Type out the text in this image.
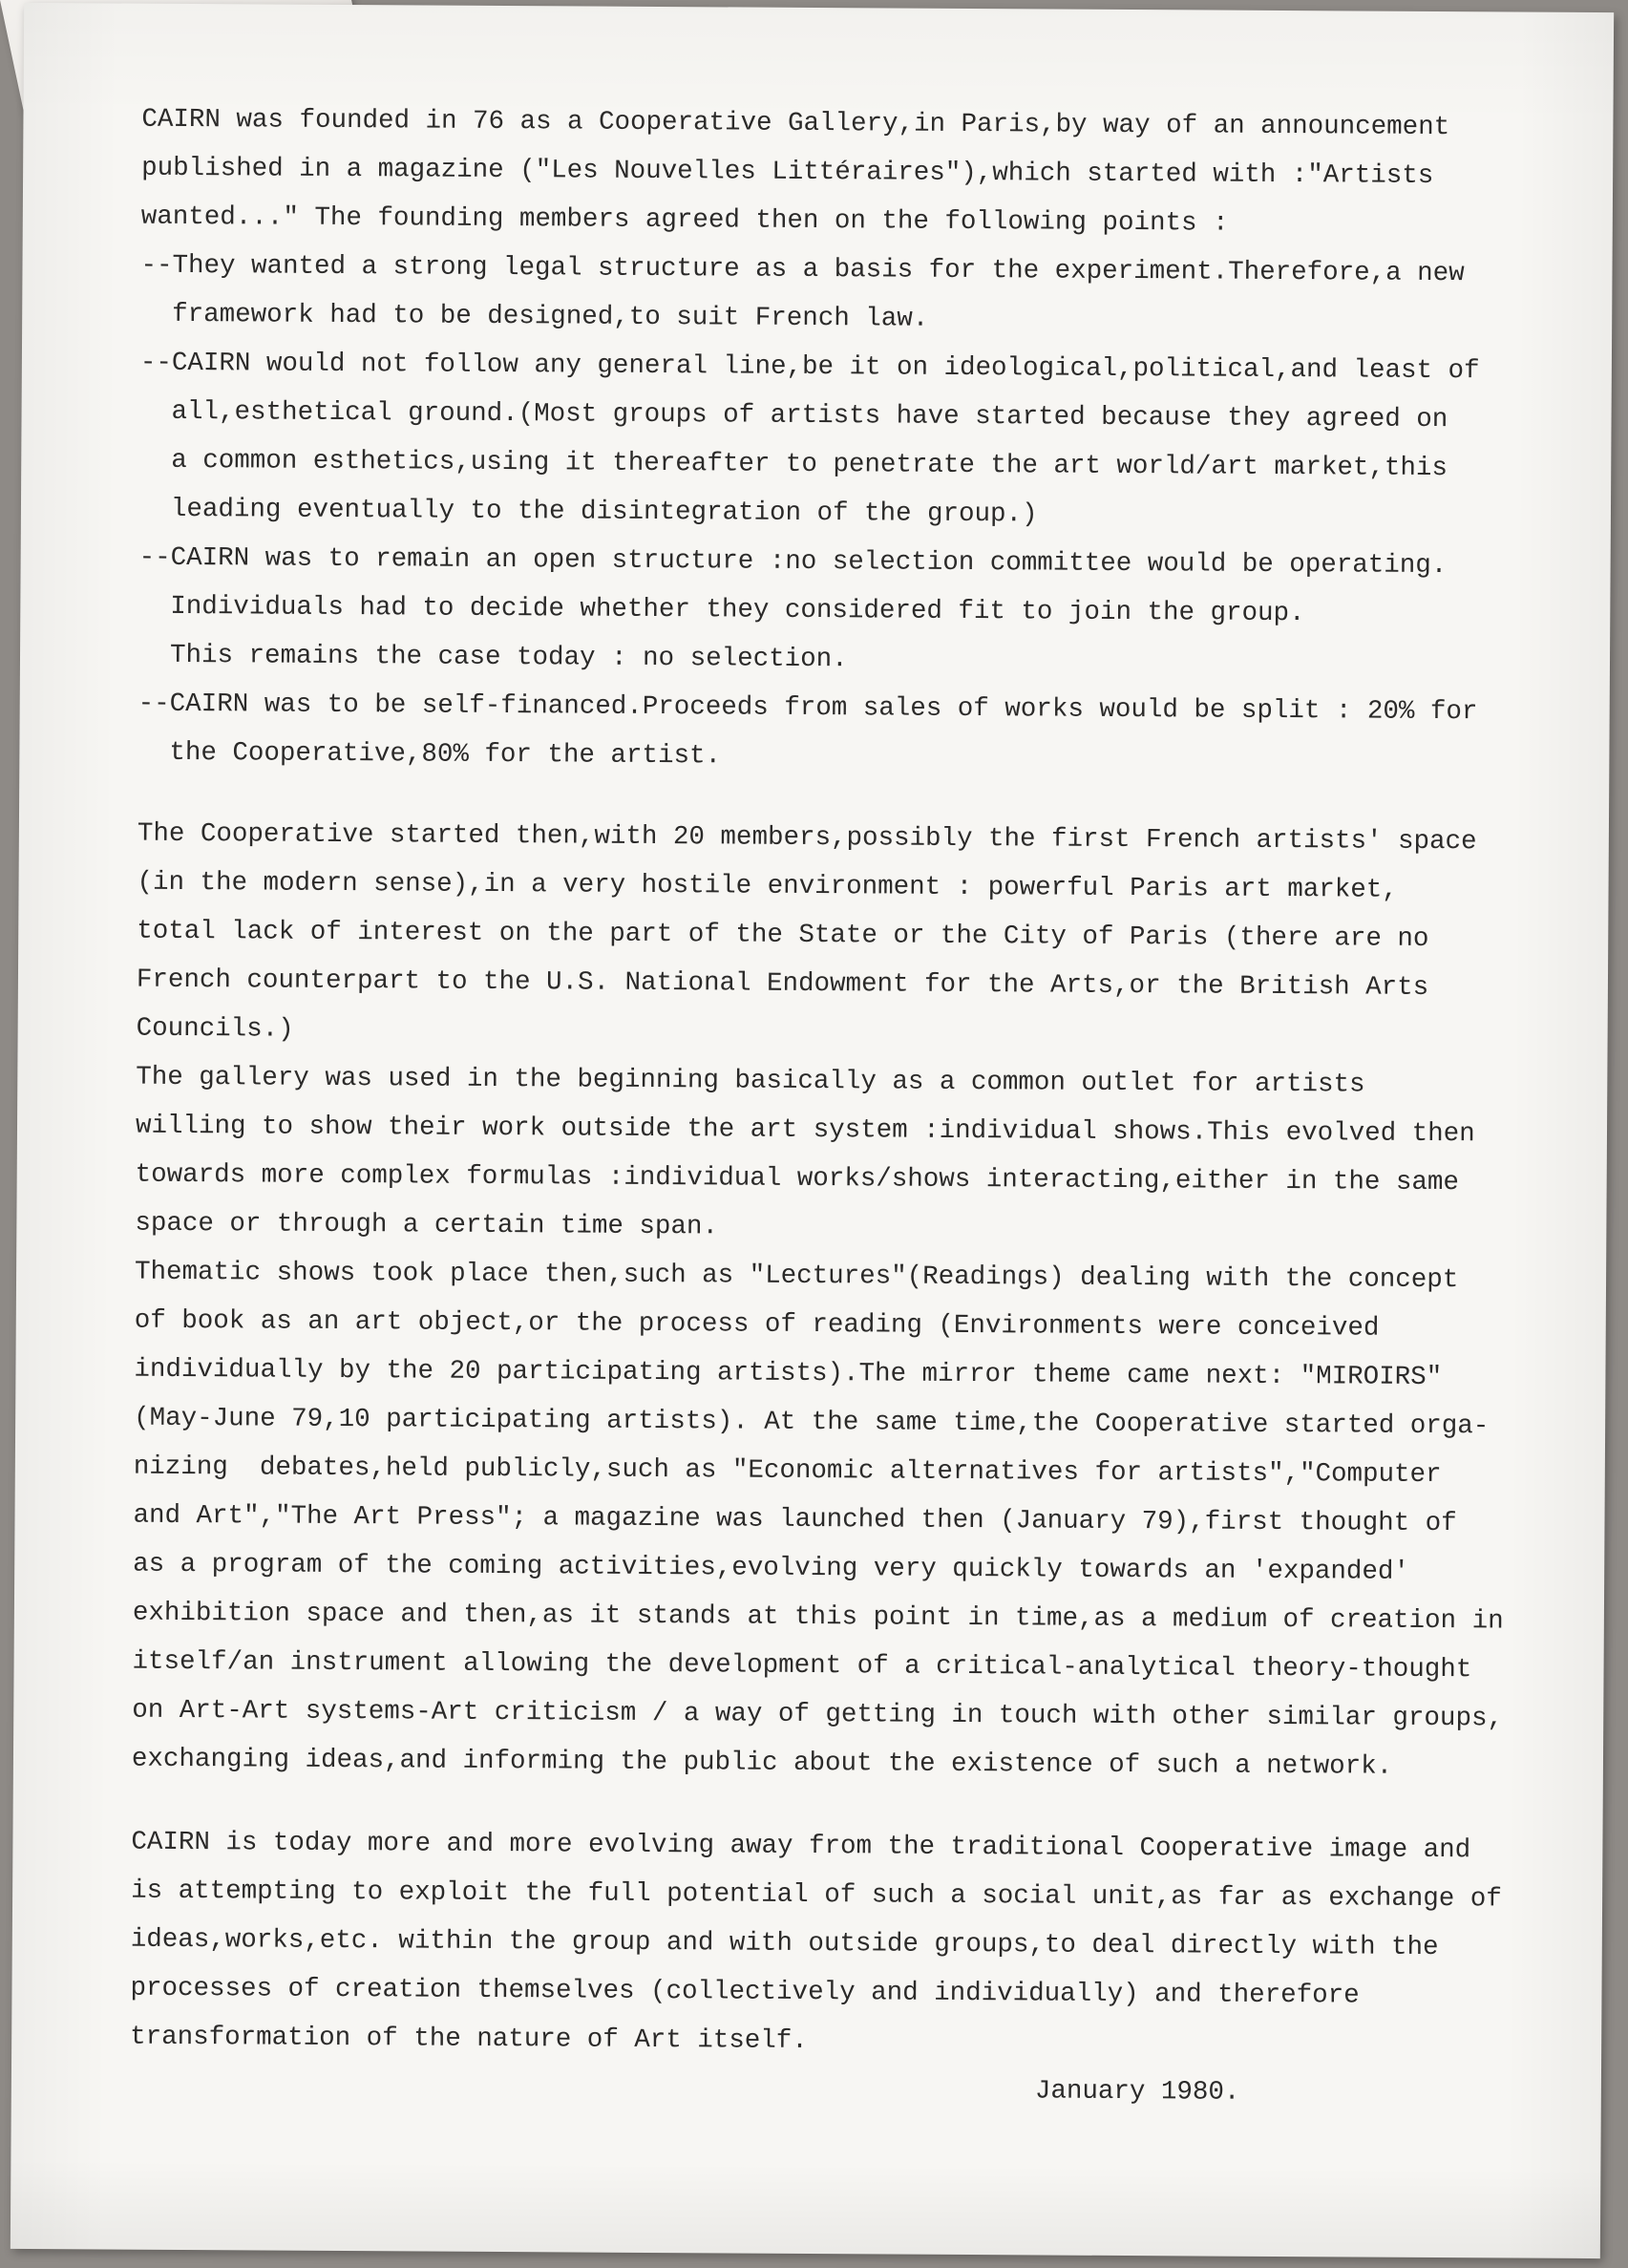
CAIRN was founded in 76 as a Cooperative Gallery,in Paris,by way of an announcement
published in a magazine ("Les Nouvelles Littéraires"),which started with :"Artists
wanted..." The founding members agreed then on the following points :
--They wanted a strong legal structure as a basis for the experiment.Therefore,a new
framework had to be designed,to suit French law.
--CAIRN would not follow any general line,be it on ideological,political,and least of
all,esthetical ground.(Most groups of artists have started because they agreed on
a common esthetics,using it thereafter to penetrate the art world/art market,this
leading eventually to the disintegration of the group.)
--CAIRN was to remain an open structure :no selection committee would be operating.
Individuals had to decide whether they considered fit to join the group.
This remains the case today : no selection.
--CAIRN was to be self-financed.Proceeds from sales of works would be split : 20% for
the Cooperative,80% for the artist.
The Cooperative started then,with 20 members,possibly the first French artists' space
(in the modern sense),in a very hostile environment : powerful Paris art market,
total lack of interest on the part of the State or the City of Paris (there are no
French counterpart to the U.S. National Endowment for the Arts,or the British Arts
Councils.)
The gallery was used in the beginning basically as a common outlet for artists
willing to show their work outside the art system :individual shows.This evolved then
towards more complex formulas :individual works/shows interacting,either in the same
space or through a certain time span.
Thematic shows took place then,such as "Lectures"(Readings) dealing with the concept
of book as an art object,or the process of reading (Environments were conceived
individually by the 20 participating artists).The mirror theme came next: "MIROIRS"
(May-June 79,10 participating artists). At the same time,the Cooperative started orga-
nizing  debates,held publicly,such as "Economic alternatives for artists","Computer
and Art","The Art Press"; a magazine was launched then (January 79),first thought of
as a program of the coming activities,evolving very quickly towards an 'expanded'
exhibition space and then,as it stands at this point in time,as a medium of creation in
itself/an instrument allowing the development of a critical-analytical theory-thought
on Art-Art systems-Art criticism / a way of getting in touch with other similar groups,
exchanging ideas,and informing the public about the existence of such a network.
CAIRN is today more and more evolving away from the traditional Cooperative image and
is attempting to exploit the full potential of such a social unit,as far as exchange of
ideas,works,etc. within the group and with outside groups,to deal directly with the
processes of creation themselves (collectively and individually) and therefore
transformation of the nature of Art itself.
January 1980.
